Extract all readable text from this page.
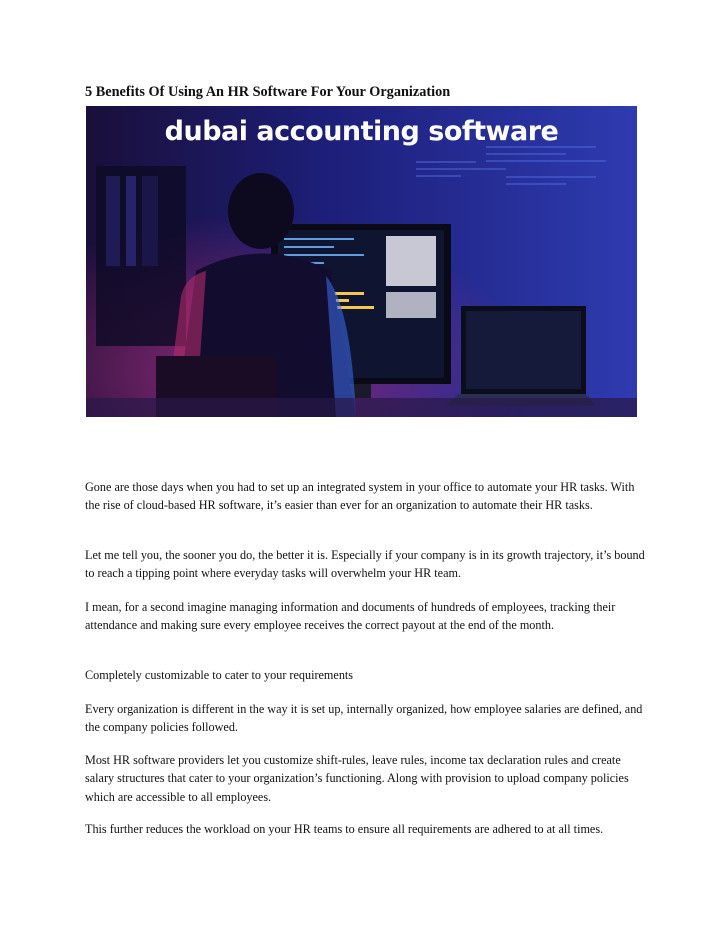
5 Benefits Of Using An HR Software For Your Organization
dubai accounting software

Gone are those days when you had to set up an integrated system in your office to automate your HR tasks. With the rise of cloud-based HR software, it’s easier than ever for an organization to automate their HR tasks.

Let me tell you, the sooner you do, the better it is. Especially if your company is in its growth trajectory, it’s bound to reach a tipping point where everyday tasks will overwhelm your HR team.

I mean, for a second imagine managing information and documents of hundreds of employees, tracking their attendance and making sure every employee receives the correct payout at the end of the month.

Completely customizable to cater to your requirements

Every organization is different in the way it is set up, internally organized, how employee salaries are defined, and the company policies followed.

Most HR software providers let you customize shift-rules, leave rules, income tax declaration rules and create salary structures that cater to your organization’s functioning. Along with provision to upload company policies which are accessible to all employees.

This further reduces the workload on your HR teams to ensure all requirements are adhered to at all times.
